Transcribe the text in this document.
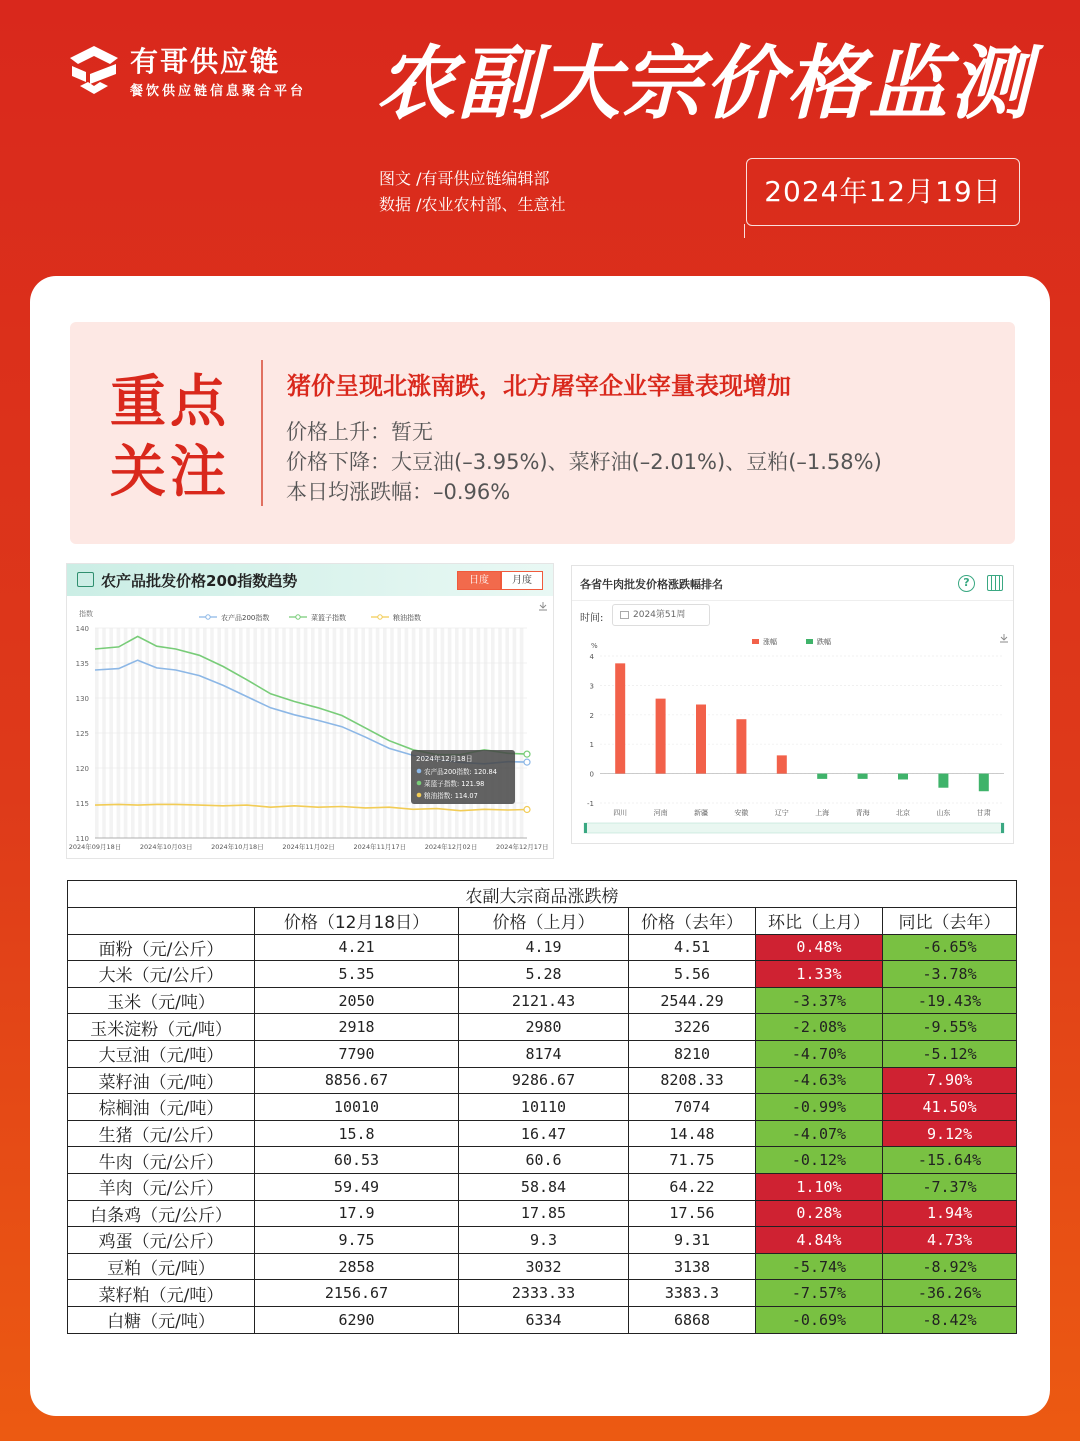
有哥供应链
餐饮供应链信息聚合平台 农副大宗价格监测
图文 /有哥供应链编辑部
数据 /农业农村部、生意社	2024年12月19日
重点
关注
猪价呈现北涨南跌，北方屠宰企业宰量表现增加
价格上升：暂无
价格下降：大豆油(–3.95%)、菜籽油(–2.01%)、豆粕(–1.58%)
本日均涨跌幅：–0.96%
农产品批发价格200指数趋势	日度	月度
指数
140
135
130
125
120
115
110
2024年09月18日	2024年10月03日	2024年10月18日	2024年11月02日	2024年11月17日	2024年12月02日	2024年12月17日
农产品200指数	菜篮子指数	粮油指数
2024年12月18日
农产品200指数: 120.84
菜篮子指数: 121.98
粮油指数: 114.07
各省牛肉批发价格涨跌幅排名	?
时间:	2024第51周
%	涨幅	跌幅
4
3
2
1
0
-1
四川	河南	新疆	安徽	辽宁	上海	青海	北京	山东	甘肃
农副大宗商品涨跌榜					
	价格（12月18日）	价格（上月）	价格（去年）	环比（上月）	同比（去年）
面粉（元/公斤）	4.21	4.19	4.51	0.48%	-6.65%
大米（元/公斤）	5.35	5.28	5.56	1.33%	-3.78%
玉米（元/吨）	2050	2121.43	2544.29	-3.37%	-19.43%
玉米淀粉（元/吨）	2918	2980	3226	-2.08%	-9.55%
大豆油（元/吨）	7790	8174	8210	-4.70%	-5.12%
菜籽油（元/吨）	8856.67	9286.67	8208.33	-4.63%	7.90%
棕榈油（元/吨）	10010	10110	7074	-0.99%	41.50%
生猪（元/公斤）	15.8	16.47	14.48	-4.07%	9.12%
牛肉（元/公斤）	60.53	60.6	71.75	-0.12%	-15.64%
羊肉（元/公斤）	59.49	58.84	64.22	1.10%	-7.37%
白条鸡（元/公斤）	17.9	17.85	17.56	0.28%	1.94%
鸡蛋（元/公斤）	9.75	9.3	9.31	4.84%	4.73%
豆粕（元/吨）	2858	3032	3138	-5.74%	-8.92%
菜籽粕（元/吨）	2156.67	2333.33	3383.3	-7.57%	-36.26%
白糖（元/吨）	6290	6334	6868	-0.69%	-8.42%
